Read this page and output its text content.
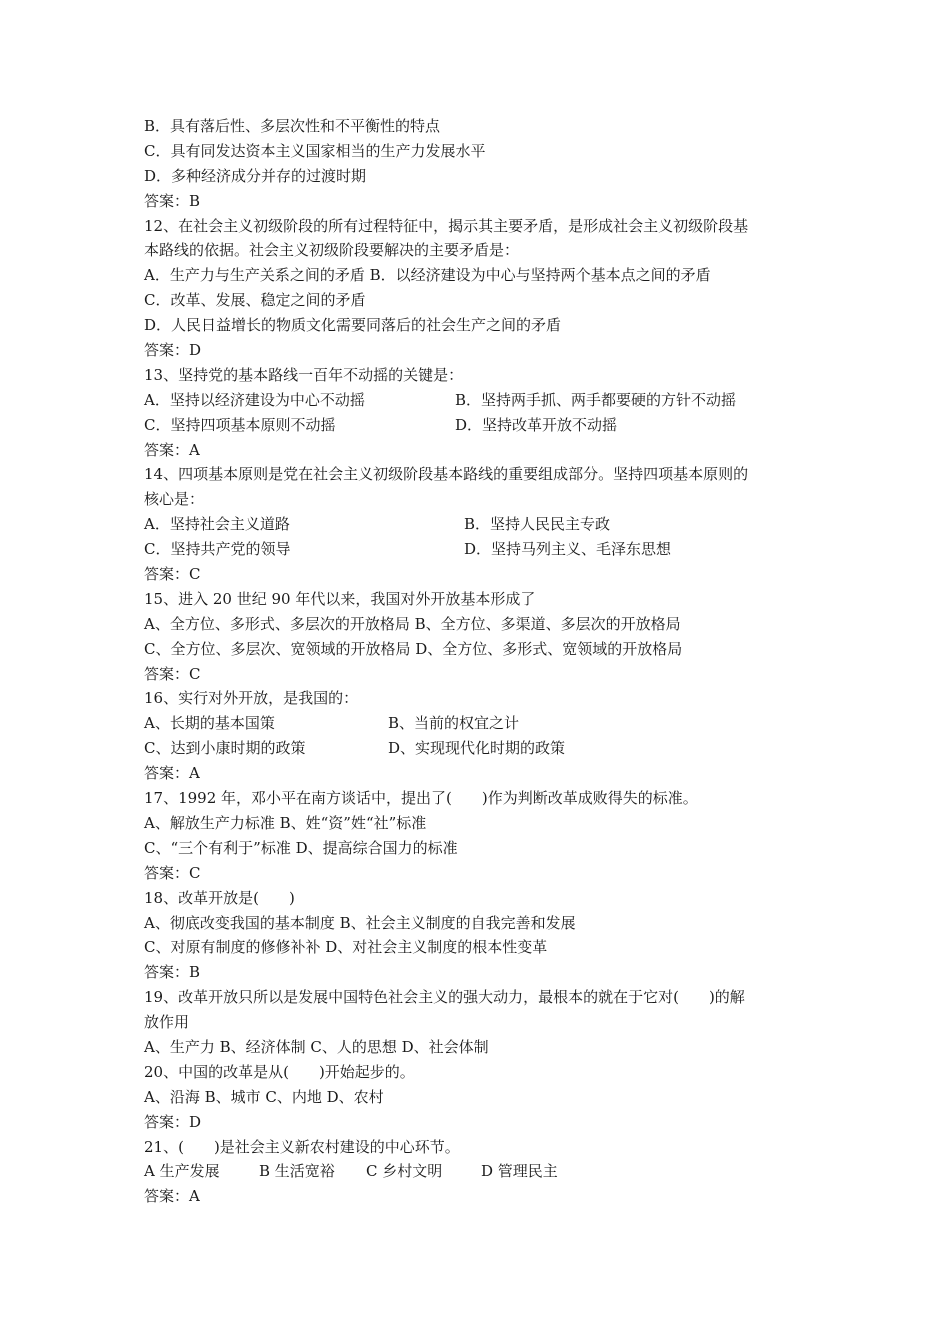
B．具有落后性、多层次性和不平衡性的特点
C．具有同发达资本主义国家相当的生产力发展水平
D．多种经济成分并存的过渡时期
答案：B
12、在社会主义初级阶段的所有过程特征中，揭示其主要矛盾，是形成社会主义初级阶段基
本路线的依据。社会主义初级阶段要解决的主要矛盾是：
A．生产力与生产关系之间的矛盾 B．以经济建设为中心与坚持两个基本点之间的矛盾
C．改革、发展、稳定之间的矛盾
D．人民日益增长的物质文化需要同落后的社会生产之间的矛盾
答案：D
13、坚持党的基本路线一百年不动摇的关键是：
A．坚持以经济建设为中心不动摇	B．坚持两手抓、两手都要硬的方针不动摇
C．坚持四项基本原则不动摇	D．坚持改革开放不动摇
答案：A
14、四项基本原则是党在社会主义初级阶段基本路线的重要组成部分。坚持四项基本原则的
核心是：
A．坚持社会主义道路	B．坚持人民民主专政
C．坚持共产党的领导	D．坚持马列主义、毛泽东思想
答案：C
15、进入 20 世纪 90 年代以来，我国对外开放基本形成了
A、全方位、多形式、多层次的开放格局 B、全方位、多渠道、多层次的开放格局
C、全方位、多层次、宽领域的开放格局 D、全方位、多形式、宽领域的开放格局
答案：C
16、实行对外开放，是我国的：
A、长期的基本国策	B、当前的权宜之计
C、达到小康时期的政策	D、实现现代化时期的政策
答案：A
17、1992 年，邓小平在南方谈话中，提出了(　　)作为判断改革成败得失的标准。
A、解放生产力标准 B、姓“资”姓“社”标准
C、“三个有利于”标准 D、提高综合国力的标准
答案：C
18、改革开放是(　　)
A、彻底改变我国的基本制度 B、社会主义制度的自我完善和发展
C、对原有制度的修修补补 D、对社会主义制度的根本性变革
答案：B
19、改革开放只所以是发展中国特色社会主义的强大动力，最根本的就在于它对(　　)的解
放作用
A、生产力 B、经济体制 C、人的思想 D、社会体制
20、中国的改革是从(　　)开始起步的。
A、沿海 B、城市 C、内地 D、农村
答案：D
21、(　　)是社会主义新农村建设的中心环节。
A 生产发展	B 生活宽裕 C 乡村文明	D 管理民主
答案：A
